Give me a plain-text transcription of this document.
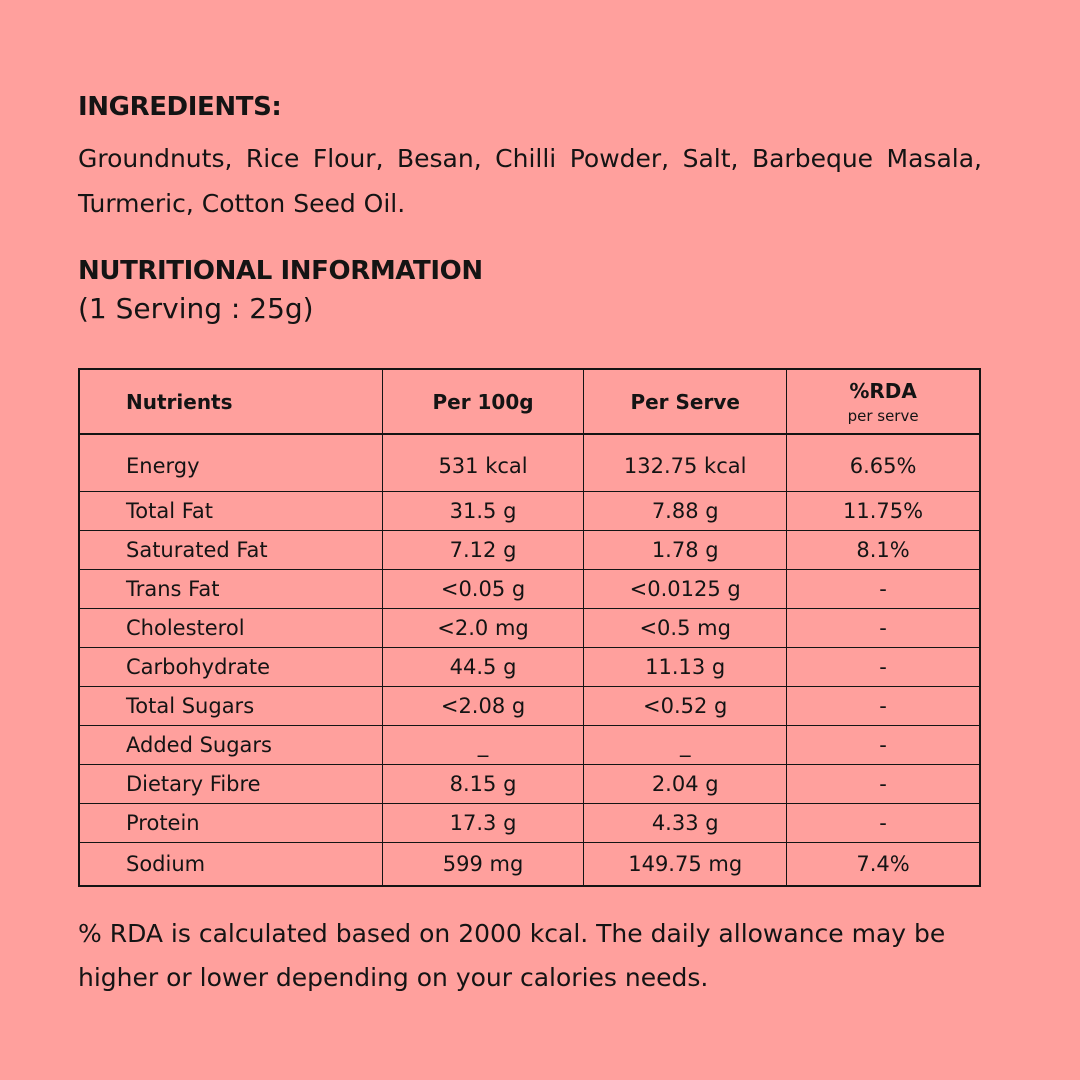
INGREDIENTS:

Groundnuts, Rice Flour, Besan, Chilli Powder, Salt, Barbeque Masala, Turmeric, Cotton Seed Oil.

NUTRITIONAL INFORMATION

(1 Serving : 25g)

Nutrients	Per 100g	Per Serve	%RDA
per serve

Energy	531 kcal	132.75 kcal	6.65%
Total Fat	31.5 g	7.88 g	11.75%
Saturated Fat	7.12 g	1.78 g	8.1%
Trans Fat	<0.05 g	<0.0125 g	-
Cholesterol	<2.0 mg	<0.5 mg	-
Carbohydrate	44.5 g	11.13 g	-
Total Sugars	<2.08 g	<0.52 g	-
Added Sugars	_	_	-
Dietary Fibre	8.15 g	2.04 g	-
Protein	17.3 g	4.33 g	-
Sodium	599 mg	149.75 mg	7.4%

% RDA is calculated based on 2000 kcal. The daily allowance may be higher or lower depending on your calories needs.
